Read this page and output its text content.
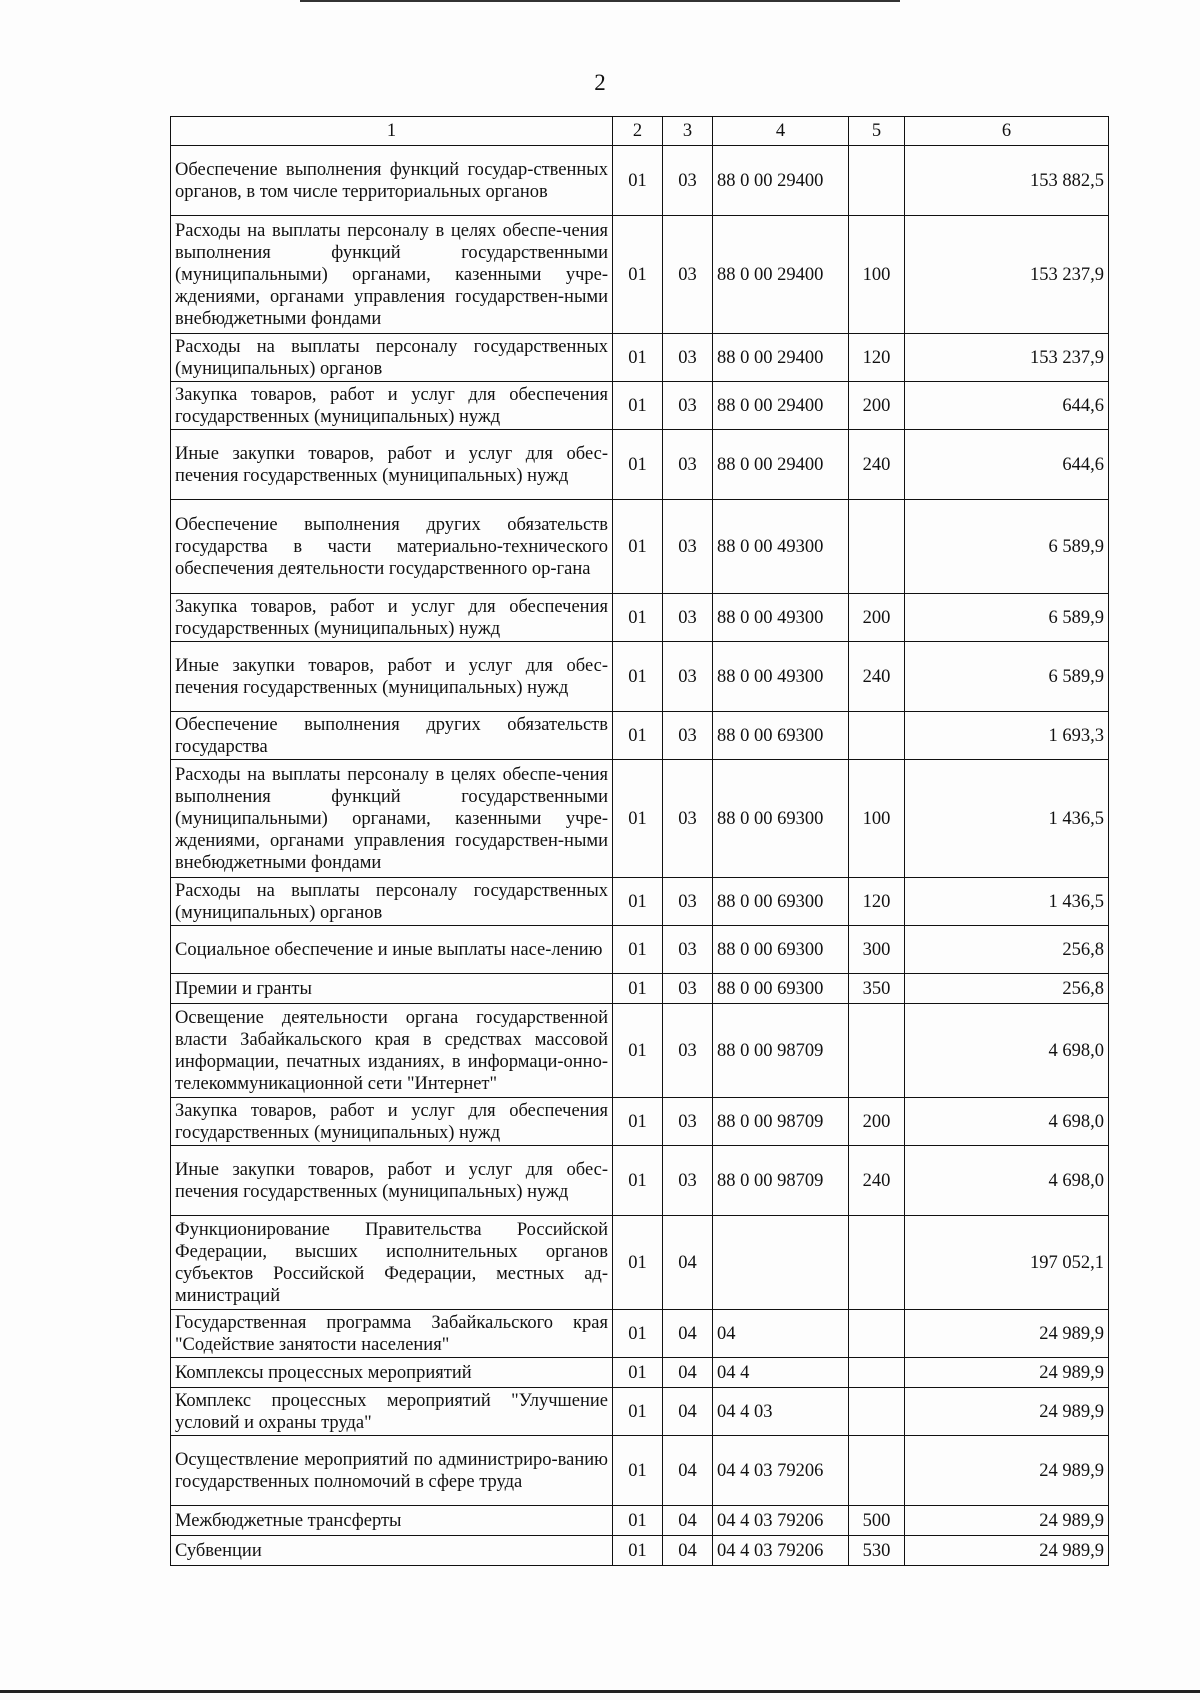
2
1	2	3	4	5	6
Обеспечение выполнения функций государ-ственных органов, в том числе территориальных органов	01	03	88 0 00 29400		153 882,5
Расходы на выплаты персоналу в целях обеспе-чения выполнения функций государственными (муниципальными) органами, казенными учре-ждениями, органами управления государствен-ными внебюджетными фондами	01	03	88 0 00 29400	100	153 237,9
Расходы на выплаты персоналу государственных (муниципальных) органов	01	03	88 0 00 29400	120	153 237,9
Закупка товаров, работ и услуг для обеспечения государственных (муниципальных) нужд	01	03	88 0 00 29400	200	644,6
Иные закупки товаров, работ и услуг для обес-печения государственных (муниципальных) нужд	01	03	88 0 00 29400	240	644,6
Обеспечение выполнения других обязательств государства в части материально-технического обеспечения деятельности государственного ор-гана	01	03	88 0 00 49300		6 589,9
Закупка товаров, работ и услуг для обеспечения государственных (муниципальных) нужд	01	03	88 0 00 49300	200	6 589,9
Иные закупки товаров, работ и услуг для обес-печения государственных (муниципальных) нужд	01	03	88 0 00 49300	240	6 589,9
Обеспечение выполнения других обязательств государства	01	03	88 0 00 69300		1 693,3
Расходы на выплаты персоналу в целях обеспе-чения выполнения функций государственными (муниципальными) органами, казенными учре-ждениями, органами управления государствен-ными внебюджетными фондами	01	03	88 0 00 69300	100	1 436,5
Расходы на выплаты персоналу государственных (муниципальных) органов	01	03	88 0 00 69300	120	1 436,5
Социальное обеспечение и иные выплаты насе-лению	01	03	88 0 00 69300	300	256,8
Премии и гранты	01	03	88 0 00 69300	350	256,8
Освещение деятельности органа государственной власти Забайкальского края в средствах массовой информации, печатных изданиях, в информаци-онно-телекоммуникационной сети "Интернет"	01	03	88 0 00 98709		4 698,0
Закупка товаров, работ и услуг для обеспечения государственных (муниципальных) нужд	01	03	88 0 00 98709	200	4 698,0
Иные закупки товаров, работ и услуг для обес-печения государственных (муниципальных) нужд	01	03	88 0 00 98709	240	4 698,0
Функционирование Правительства Российской Федерации, высших исполнительных органов субъектов Российской Федерации, местных ад-министраций	01	04			197 052,1
Государственная программа Забайкальского края "Содействие занятости населения"	01	04	04		24 989,9
Комплексы процессных мероприятий	01	04	04 4		24 989,9
Комплекс процессных мероприятий "Улучшение условий и охраны труда"	01	04	04 4 03		24 989,9
Осуществление мероприятий по администриро-ванию государственных полномочий в сфере труда	01	04	04 4 03 79206		24 989,9
Межбюджетные трансферты	01	04	04 4 03 79206	500	24 989,9
Субвенции	01	04	04 4 03 79206	530	24 989,9
